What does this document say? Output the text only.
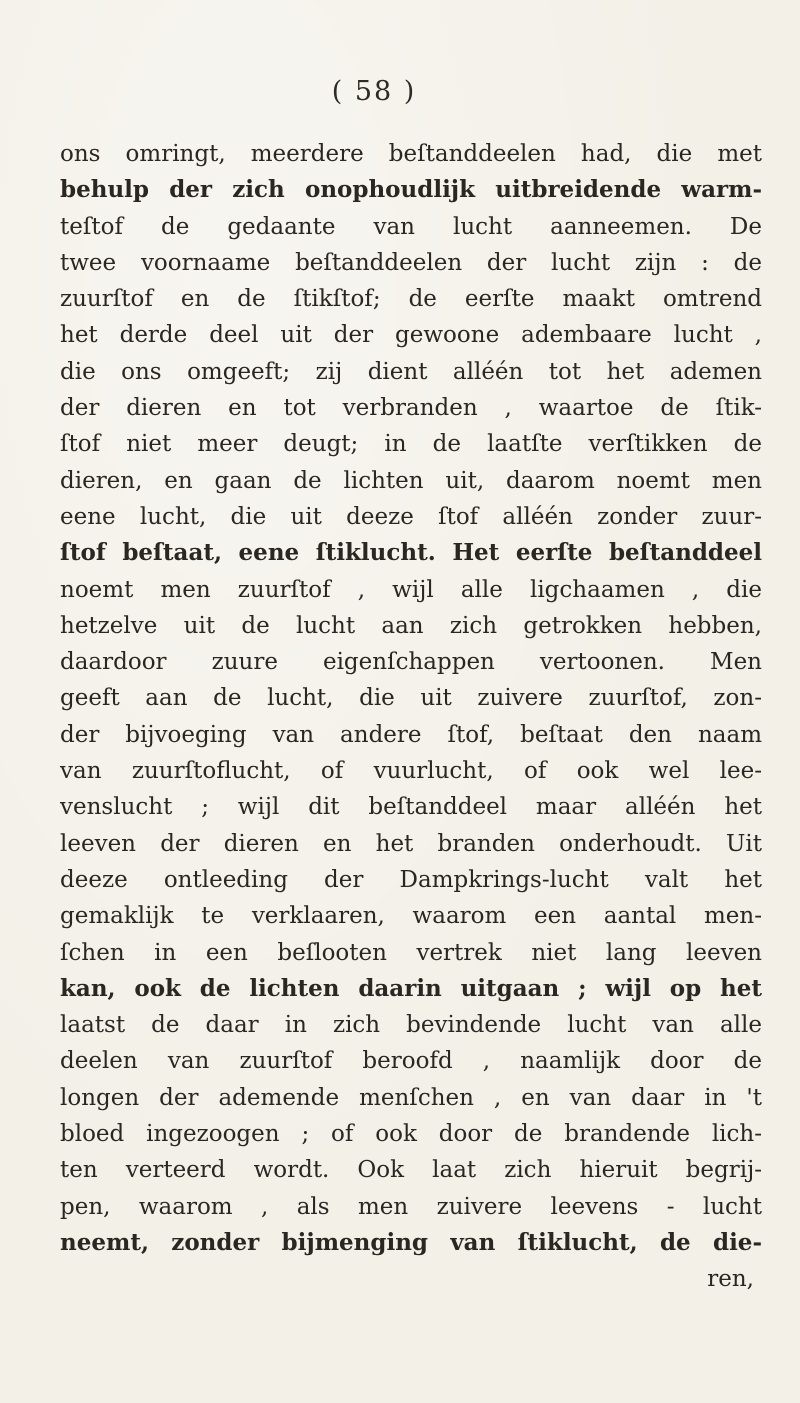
( 58 )
ons omringt, meerdere beſtanddeelen had, die met
behulp der zich onophoudlijk uitbreidende warm-
teſtof de gedaante van lucht aanneemen. De
twee voornaame beſtanddeelen der lucht zijn : de
zuurſtof en de ſtikſtof; de eerſte maakt omtrend
het derde deel uit der gewoone adembaare lucht ,
die ons omgeeft; zij dient alléén tot het ademen
der dieren en tot verbranden , waartoe de ſtik-
ſtof niet meer deugt; in de laatſte verſtikken de
dieren, en gaan de lichten uit, daarom noemt men
eene lucht, die uit deeze ſtof alléén zonder zuur-
ſtof beſtaat, eene ſtiklucht. Het eerſte beſtanddeel
noemt men zuurſtof , wijl alle ligchaamen , die
hetzelve uit de lucht aan zich getrokken hebben,
daardoor zuure eigenſchappen vertoonen. Men
geeft aan de lucht, die uit zuivere zuurſtof, zon-
der bijvoeging van andere ſtof, beſtaat den naam
van zuurſtoflucht, of vuurlucht, of ook wel lee-
venslucht ; wijl dit beſtanddeel maar alléén het
leeven der dieren en het branden onderhoudt. Uit
deeze ontleeding der Dampkrings-lucht valt het
gemaklijk te verklaaren, waarom een aantal men-
ſchen in een beſlooten vertrek niet lang leeven
kan, ook de lichten daarin uitgaan ; wijl op het
laatst de daar in zich bevindende lucht van alle
deelen van zuurſtof beroofd , naamlijk door de
longen der ademende menſchen , en van daar in 't
bloed ingezoogen ; of ook door de brandende lich-
ten verteerd wordt. Ook laat zich hieruit begrij-
pen, waarom , als men zuivere leevens - lucht
neemt, zonder bijmenging van ſtiklucht, de die-
ren,
